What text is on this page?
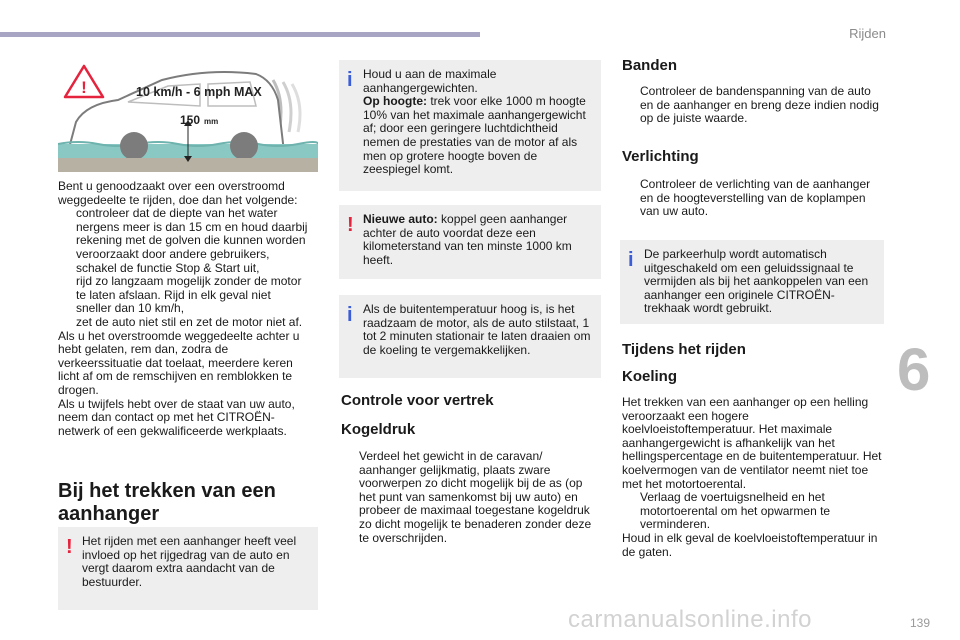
Rijden
6
139
carmanualsonline.info
!	10 km/h - 6 mph MAX
150 mm

Bent u genoodzaakt over een overstroomd weggedeelte te rijden, doe dan het volgende:

controleer dat de diepte van het water nergens meer is dan 15 cm en houd daarbij rekening met de golven die kunnen worden veroorzaakt door andere gebruikers,

schakel de functie Stop & Start uit,

rijd zo langzaam mogelijk zonder de motor te laten afslaan. Rijd in elk geval niet sneller dan 10 km/h,

zet de auto niet stil en zet de motor niet af.

Als u het overstroomde weggedeelte achter u hebt gelaten, rem dan, zodra de verkeerssituatie dat toelaat, meerdere keren licht af om de remschijven en remblokken te drogen.

Als u twijfels hebt over de staat van uw auto, neem dan contact op met het CITROËN-netwerk of een gekwalificeerde werkplaats.

Bij het trekken van een aanhanger
! Het rijden met een aanhanger heeft veel invloed op het rijgedrag van de auto en vergt daarom extra aandacht van de bestuurder.
i Houd u aan de maximale aanhangergewichten.
Op hoogte: trek voor elke 1000 m hoogte 10% van het maximale aanhangergewicht af; door een geringere luchtdichtheid nemen de prestaties van de motor af als men op grotere hoogte boven de zeespiegel komt.
! Nieuwe auto: koppel geen aanhanger achter de auto voordat deze een kilometerstand van ten minste 1000 km heeft.
i Als de buitentemperatuur hoog is, is het raadzaam de motor, als de auto stilstaat, 1 tot 2 minuten stationair te laten draaien om de koeling te vergemakkelijken.
Controle voor vertrek
Kogeldruk

Verdeel het gewicht in de caravan/ aanhanger gelijkmatig, plaats zware voorwerpen zo dicht mogelijk bij de as (op het punt van samenkomst bij uw auto) en probeer de maximaal toegestane kogeldruk zo dicht mogelijk te benaderen zonder deze te overschrijden.

Banden

Controleer de bandenspanning van de auto en de aanhanger en breng deze indien nodig op de juiste waarde.

Verlichting

Controleer de verlichting van de aanhanger en de hoogteverstelling van de koplampen van uw auto.

i De parkeerhulp wordt automatisch uitgeschakeld om een geluidssignaal te vermijden als bij het aankoppelen van een aanhanger een originele CITROËN-trekhaak wordt gebruikt.
Tijdens het rijden
Koeling

Het trekken van een aanhanger op een helling veroorzaakt een hogere koelvloeistoftemperatuur. Het maximale aanhangergewicht is afhankelijk van het hellingspercentage en de buitentemperatuur. Het koelvermogen van de ventilator neemt niet toe met het motortoerental.

Verlaag de voertuigsnelheid en het motortoerental om het opwarmen te verminderen.

Houd in elk geval de koelvloeistoftemperatuur in de gaten.
